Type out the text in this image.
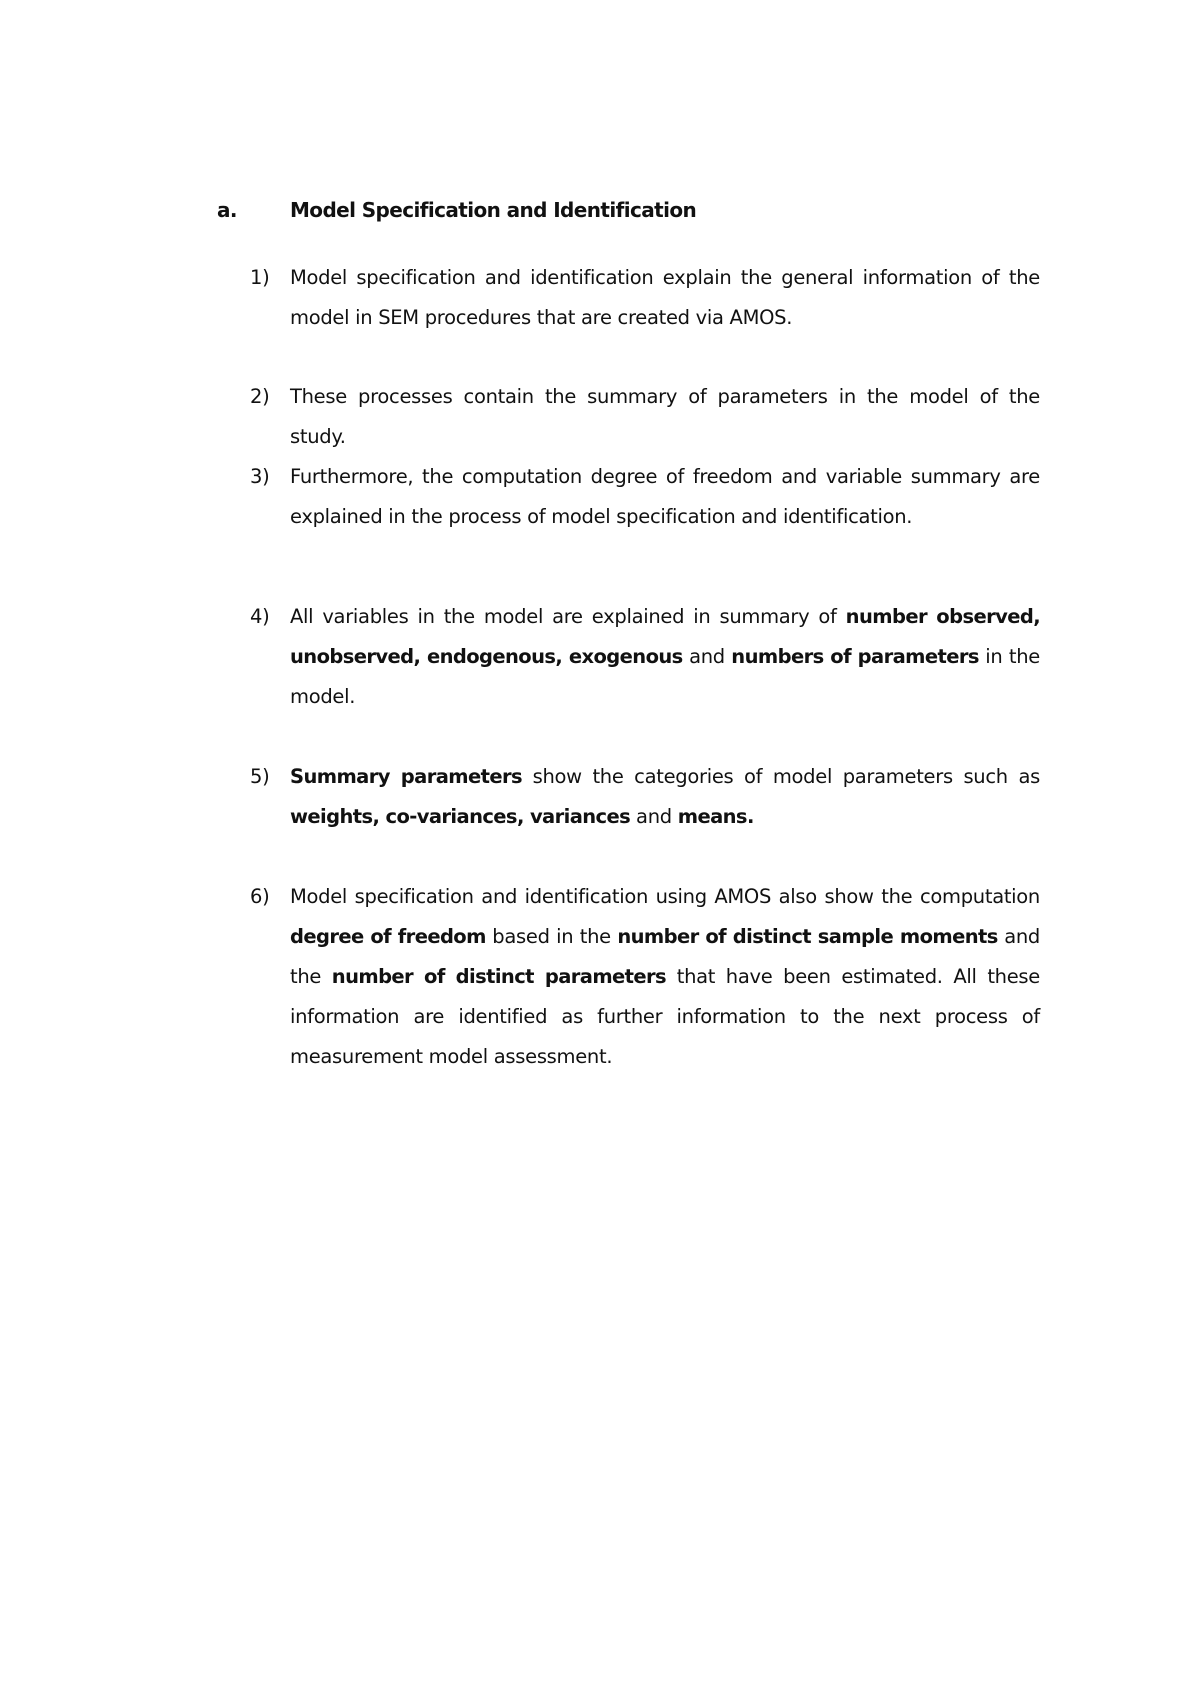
a.	Model Specification and Identification
1) Model specification and identification explain the general information of the model in SEM procedures that are created via AMOS.
2) These processes contain the summary of parameters in the model of the study.
3) Furthermore, the computation degree of freedom and variable summary are explained in the process of model specification and identification.
4) All variables in the model are explained in summary of number observed, unobserved, endogenous, exogenous and numbers of parameters in the model.
5) Summary parameters show the categories of model parameters such as weights, co-variances, variances and means.
6) Model specification and identification using AMOS also show the computation degree of freedom based in the number of distinct sample moments and the number of distinct parameters that have been estimated. All these information are identified as further information to the next process of measurement model assessment.
